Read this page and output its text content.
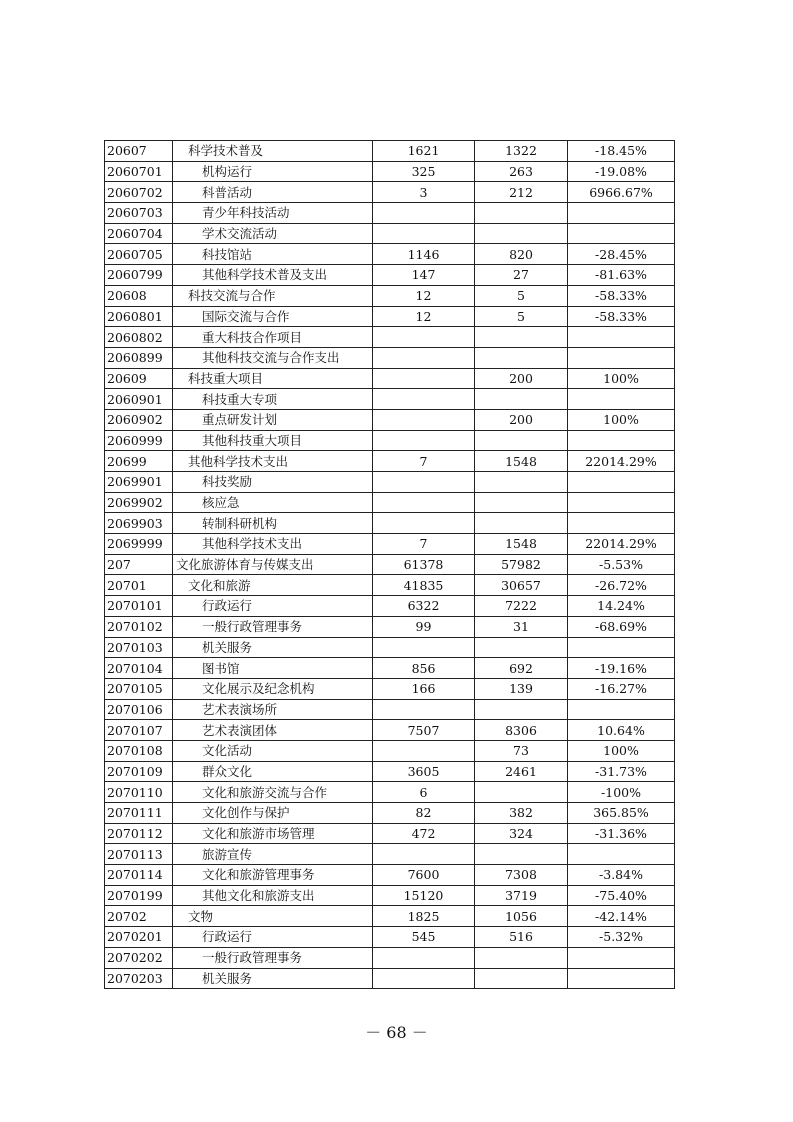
20607	科学技术普及	1621	1322	-18.45%
2060701	机构运行	325	263	-19.08%
2060702	科普活动	3	212	6966.67%
2060703	青少年科技活动			
2060704	学术交流活动			
2060705	科技馆站	1146	820	-28.45%
2060799	其他科学技术普及支出	147	27	-81.63%
20608	科技交流与合作	12	5	-58.33%
2060801	国际交流与合作	12	5	-58.33%
2060802	重大科技合作项目			
2060899	其他科技交流与合作支出			
20609	科技重大项目		200	100%
2060901	科技重大专项			
2060902	重点研发计划		200	100%
2060999	其他科技重大项目			
20699	其他科学技术支出	7	1548	22014.29%
2069901	科技奖励			
2069902	核应急			
2069903	转制科研机构			
2069999	其他科学技术支出	7	1548	22014.29%
207	文化旅游体育与传媒支出	61378	57982	-5.53%
20701	文化和旅游	41835	30657	-26.72%
2070101	行政运行	6322	7222	14.24%
2070102	一般行政管理事务	99	31	-68.69%
2070103	机关服务			
2070104	图书馆	856	692	-19.16%
2070105	文化展示及纪念机构	166	139	-16.27%
2070106	艺术表演场所			
2070107	艺术表演团体	7507	8306	10.64%
2070108	文化活动		73	100%
2070109	群众文化	3605	2461	-31.73%
2070110	文化和旅游交流与合作	6		-100%
2070111	文化创作与保护	82	382	365.85%
2070112	文化和旅游市场管理	472	324	-31.36%
2070113	旅游宣传			
2070114	文化和旅游管理事务	7600	7308	-3.84%
2070199	其他文化和旅游支出	15120	3719	-75.40%
20702	文物	1825	1056	-42.14%
2070201	行政运行	545	516	-5.32%
2070202	一般行政管理事务			
2070203	机关服务			
－ 68 －
